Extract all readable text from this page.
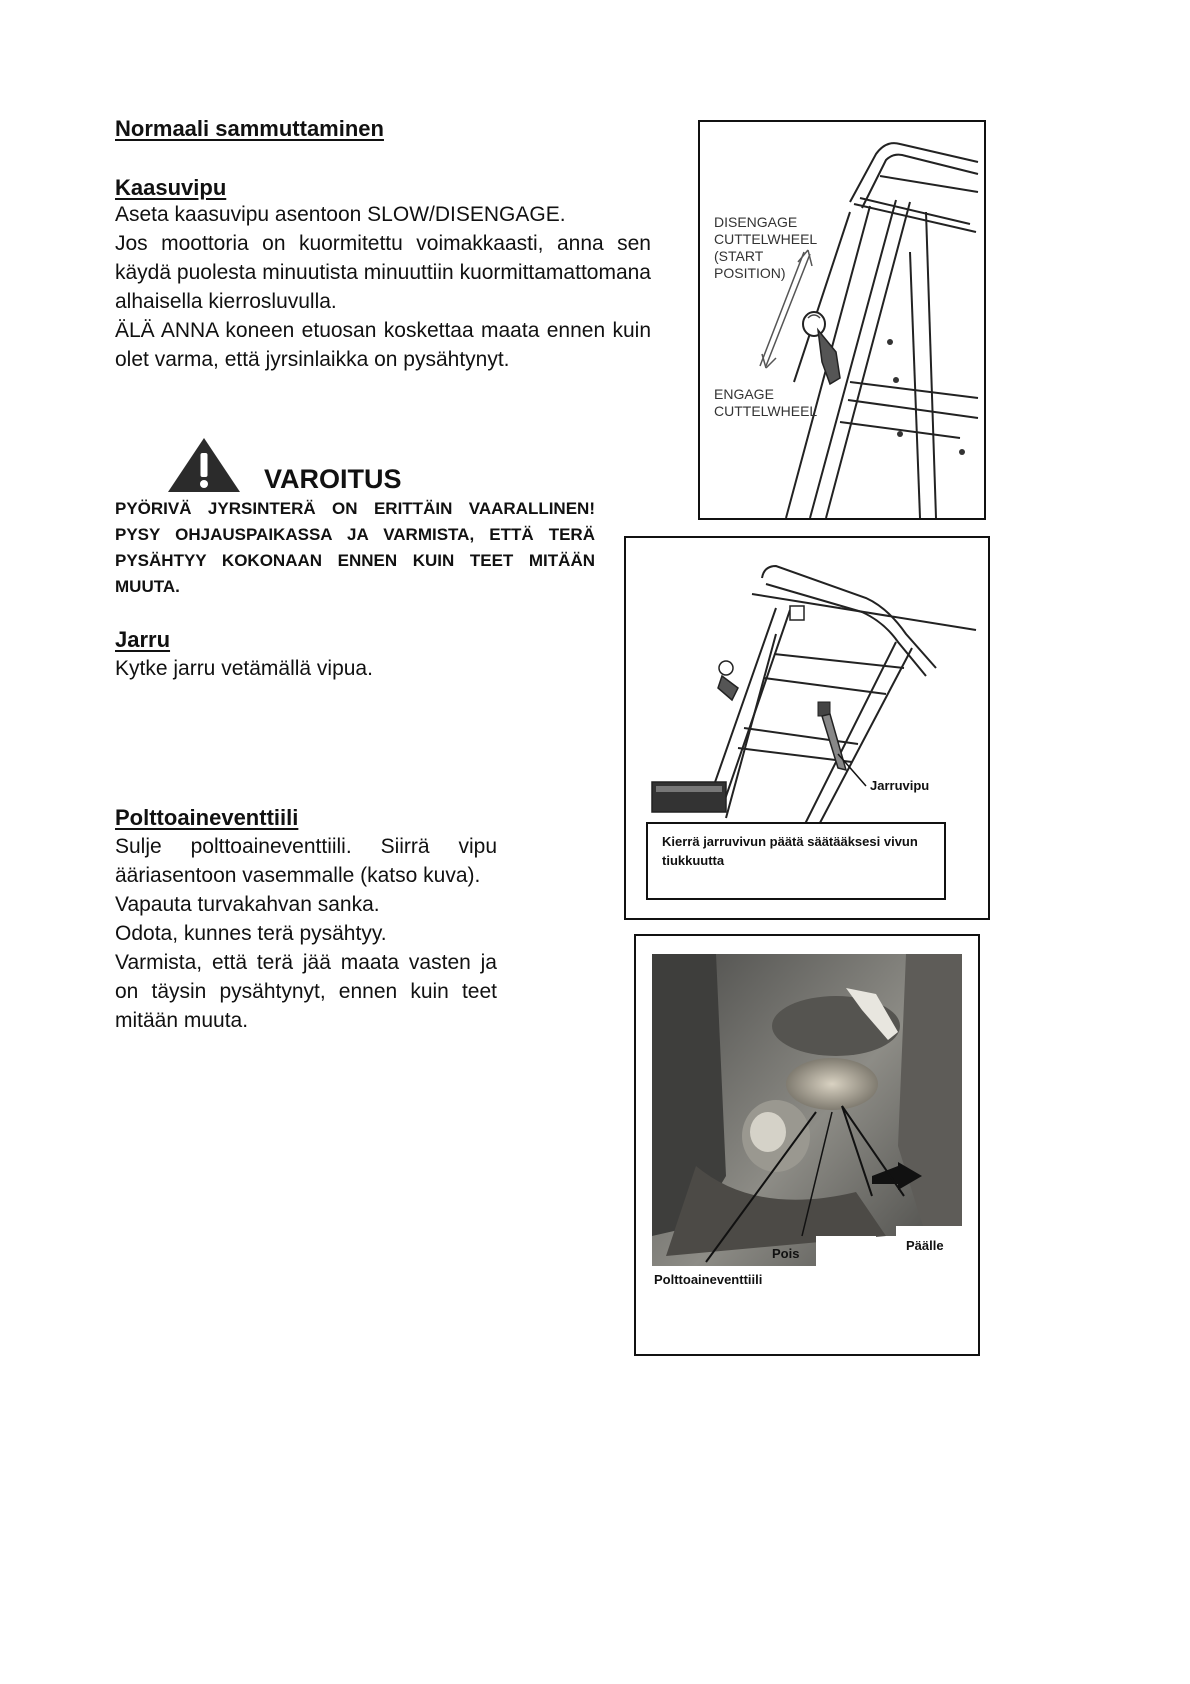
Normaali sammuttaminen
Kaasuvipu

Aseta kaasuvipu asentoon SLOW/DISENGAGE.

Jos moottoria on kuormitettu voimakkaasti, anna sen käydä puolesta minuutista minuuttiin kuormittamattomana alhaisella kierrosluvulla.

ÄLÄ ANNA koneen etuosan koskettaa maata ennen kuin olet varma, että jyrsinlaikka on pysähtynyt.

VAROITUS
PYÖRIVÄ JYRSINTERÄ ON ERITTÄIN VAARALLINEN! PYSY OHJAUSPAIKASSA JA VARMISTA, ETTÄ TERÄ PYSÄHTYY KOKONAAN ENNEN KUIN TEET MITÄÄN MUUTA.
Jarru
Kytke jarru vetämällä vipua.
Polttoaineventtiili

Sulje polttoaineventtiili. Siirrä vipu ääriasentoon vasemmalle (katso kuva).

Vapauta turvakahvan sanka.

Odota, kunnes terä pysähtyy.

Varmista, että terä jää maata vasten ja on täysin pysähtynyt, ennen kuin teet mitään muuta.

DISENGAGE
CUTTELWHEEL
(START
POSITION)
ENGAGE
CUTTELWHEEL
Jarruvipu
Kierrä jarruvivun päätä säätääksesi vivun tiukkuutta
Pois
Päälle
Polttoaineventtiili
